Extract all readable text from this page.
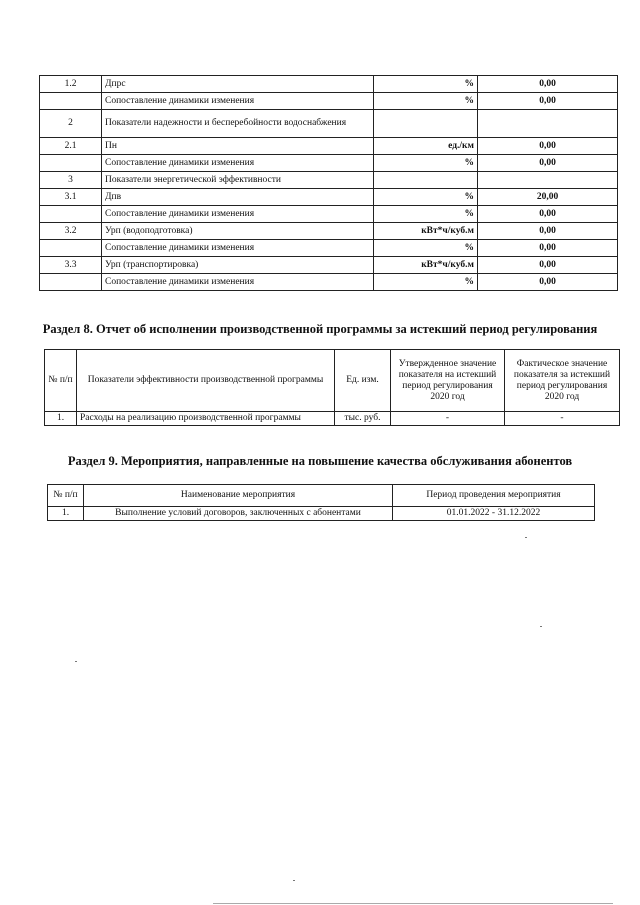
1.2	Дпрс	%	0,00
	Сопоставление динамики изменения	%	0,00
2	Показатели надежности и бесперебойности водоснабжения		
2.1	Пн	ед./км	0,00
	Сопоставление динамики изменения	%	0,00
3	Показатели энергетической эффективности		
3.1	Дпв	%	20,00
	Сопоставление динамики изменения	%	0,00
3.2	Урп (водоподготовка)	кВт*ч/куб.м	0,00
	Сопоставление динамики изменения	%	0,00
3.3	Урп (транспортировка)	кВт*ч/куб.м	0,00
	Сопоставление динамики изменения	%	0,00
Раздел 8. Отчет об исполнении производственной программы за истекший период регулирования
№ п/п	Показатели эффективности производственной программы	Ед. изм.	Утвержденное значение показателя на истекший период регулирования 2020 год	Фактическое значение показателя за истекший период регулирования 2020 год
1.	Расходы на реализацию производственной программы	тыс. руб.	-	-
Раздел 9. Мероприятия, направленные на повышение качества обслуживания абонентов
№ п/п	Наименование мероприятия	Период проведения мероприятия
1.	Выполнение условий договоров, заключенных с абонентами	01.01.2022 - 31.12.2022
